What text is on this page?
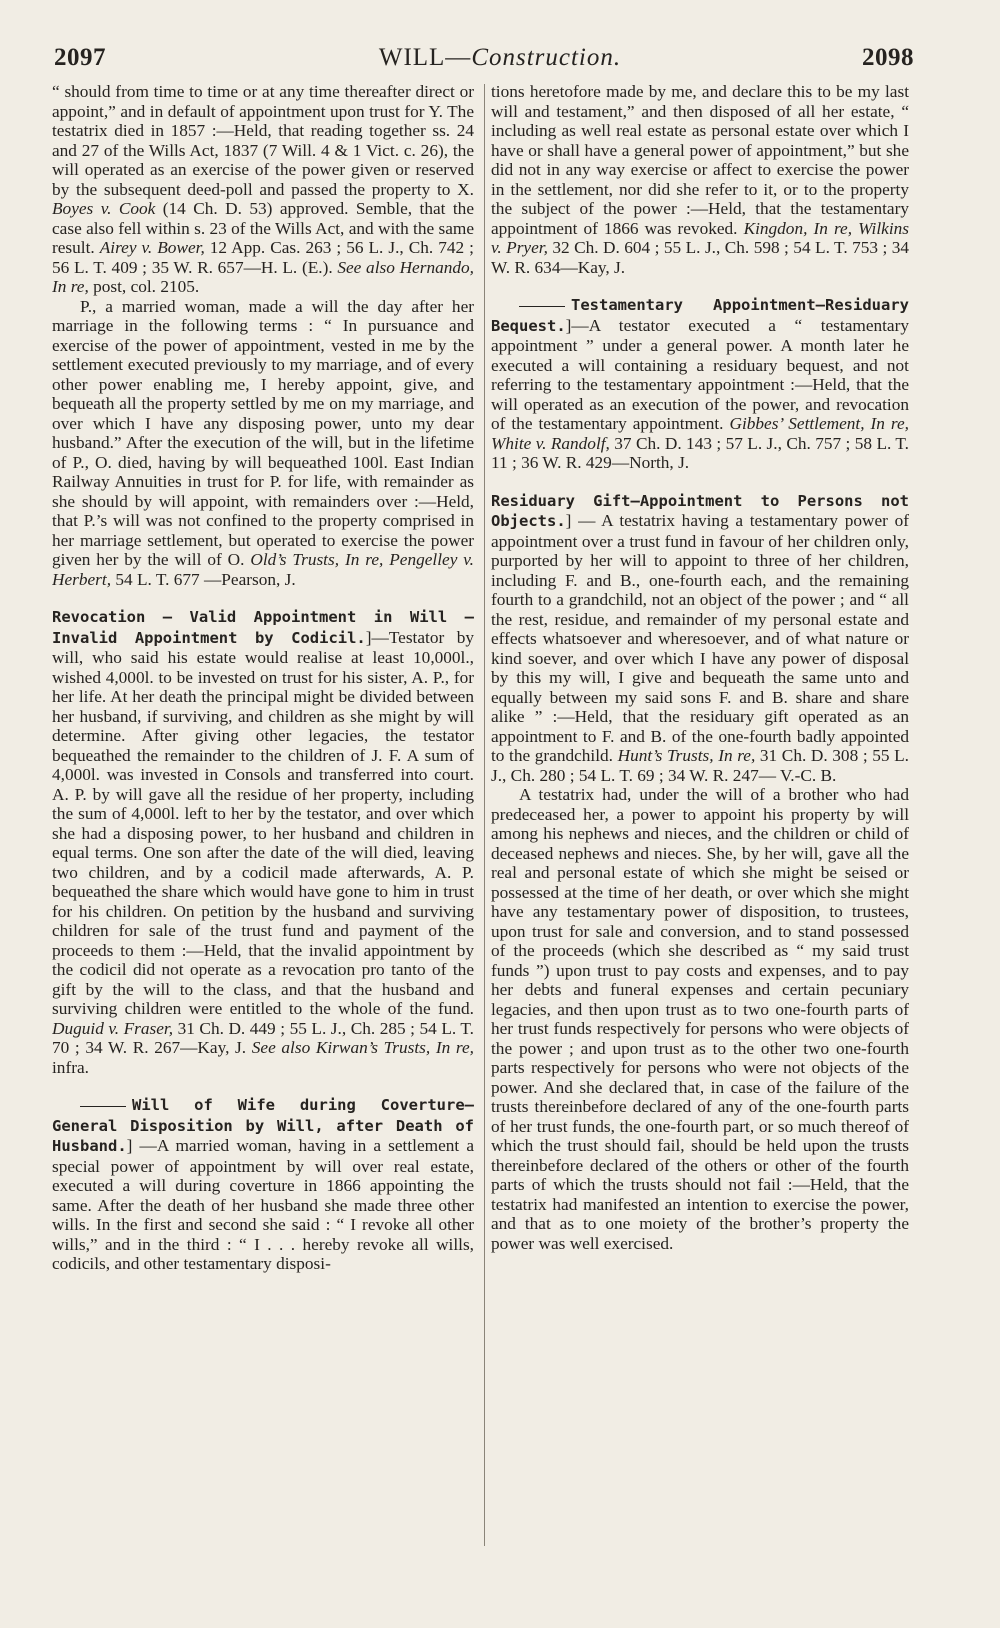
2097	WILL—Construction.	2098

“ should from time to time or at any time thereafter direct or appoint,” and in default of appointment upon trust for Y. The testatrix died in 1857 :—Held, that reading together ss. 24 and 27 of the Wills Act, 1837 (7 Will. 4 & 1 Vict. c. 26), the will operated as an exercise of the power given or reserved by the subsequent deed-poll and passed the property to X. Boyes v. Cook (14 Ch. D. 53) approved. Semble, that the case also fell within s. 23 of the Wills Act, and with the same result. Airey v. Bower, 12 App. Cas. 263 ; 56 L. J., Ch. 742 ; 56 L. T. 409 ; 35 W. R. 657—H. L. (E.). See also Hernando, In re, post, col. 2105.

P., a married woman, made a will the day after her marriage in the following terms : “ In pursuance and exercise of the power of appointment, vested in me by the settlement executed previously to my marriage, and of every other power enabling me, I hereby appoint, give, and bequeath all the property settled by me on my marriage, and over which I have any disposing power, unto my dear husband.” After the execution of the will, but in the lifetime of P., O. died, having by will bequeathed 100l. East Indian Railway Annuities in trust for P. for life, with remainder as she should by will appoint, with remainders over :—Held, that P.’s will was not confined to the property comprised in her marriage settlement, but operated to exercise the power given her by the will of O. Old’s Trusts, In re, Pengelley v. Herbert, 54 L. T. 677 —Pearson, J.

Revocation — Valid Appointment in Will — Invalid Appointment by Codicil.]—Testator by will, who said his estate would realise at least 10,000l., wished 4,000l. to be invested on trust for his sister, A. P., for her life. At her death the principal might be divided between her husband, if surviving, and children as she might by will determine. After giving other legacies, the testator bequeathed the remainder to the children of J. F. A sum of 4,000l. was invested in Consols and transferred into court. A. P. by will gave all the residue of her property, including the sum of 4,000l. left to her by the testator, and over which she had a disposing power, to her husband and children in equal terms. One son after the date of the will died, leaving two children, and by a codicil made afterwards, A. P. bequeathed the share which would have gone to him in trust for his children. On petition by the husband and surviving children for sale of the trust fund and payment of the proceeds to them :—Held, that the invalid appointment by the codicil did not operate as a revocation pro tanto of the gift by the will to the class, and that the husband and surviving children were entitled to the whole of the fund. Duguid v. Fraser, 31 Ch. D. 449 ; 55 L. J., Ch. 285 ; 54 L. T. 70 ; 34 W. R. 267—Kay, J. See also Kirwan’s Trusts, In re, infra.

Will of Wife during Coverture—General Disposition by Will, after Death of Husband.] —A married woman, having in a settlement a special power of appointment by will over real estate, executed a will during coverture in 1866 appointing the same. After the death of her husband she made three other wills. In the first and second she said : “ I revoke all other wills,” and in the third : “ I . . . hereby revoke all wills, codicils, and other testamentary disposi-

tions heretofore made by me, and declare this to be my last will and testament,” and then disposed of all her estate, “ including as well real estate as personal estate over which I have or shall have a general power of appointment,” but she did not in any way exercise or affect to exercise the power in the settlement, nor did she refer to it, or to the property the subject of the power :—Held, that the testamentary appointment of 1866 was revoked. Kingdon, In re, Wilkins v. Pryer, 32 Ch. D. 604 ; 55 L. J., Ch. 598 ; 54 L. T. 753 ; 34 W. R. 634—Kay, J.

Testamentary Appointment—Residuary Bequest.]—A testator executed a “ testamentary appointment ” under a general power. A month later he executed a will containing a residuary bequest, and not referring to the testamentary appointment :—Held, that the will operated as an execution of the power, and revocation of the testamentary appointment. Gibbes’ Settlement, In re, White v. Randolf, 37 Ch. D. 143 ; 57 L. J., Ch. 757 ; 58 L. T. 11 ; 36 W. R. 429—North, J.

Residuary Gift—Appointment to Persons not Objects.] — A testatrix having a testamentary power of appointment over a trust fund in favour of her children only, purported by her will to appoint to three of her children, including F. and B., one-fourth each, and the remaining fourth to a grandchild, not an object of the power ; and “ all the rest, residue, and remainder of my personal estate and effects whatsoever and wheresoever, and of what nature or kind soever, and over which I have any power of disposal by this my will, I give and bequeath the same unto and equally between my said sons F. and B. share and share alike ” :—Held, that the residuary gift operated as an appointment to F. and B. of the one-fourth badly appointed to the grandchild. Hunt’s Trusts, In re, 31 Ch. D. 308 ; 55 L. J., Ch. 280 ; 54 L. T. 69 ; 34 W. R. 247— V.-C. B.

A testatrix had, under the will of a brother who had predeceased her, a power to appoint his property by will among his nephews and nieces, and the children or child of deceased nephews and nieces. She, by her will, gave all the real and personal estate of which she might be seised or possessed at the time of her death, or over which she might have any testamentary power of disposition, to trustees, upon trust for sale and conversion, and to stand possessed of the proceeds (which she described as “ my said trust funds ”) upon trust to pay costs and expenses, and to pay her debts and funeral expenses and certain pecuniary legacies, and then upon trust as to two one-fourth parts of her trust funds respectively for persons who were objects of the power ; and upon trust as to the other two one-fourth parts respectively for persons who were not objects of the power. And she declared that, in case of the failure of the trusts thereinbefore declared of any of the one-fourth parts of her trust funds, the one-fourth part, or so much thereof of which the trust should fail, should be held upon the trusts thereinbefore declared of the others or other of the fourth parts of which the trusts should not fail :—Held, that the testatrix had manifested an intention to exercise the power, and that as to one moiety of the brother’s property the power was well exercised.
